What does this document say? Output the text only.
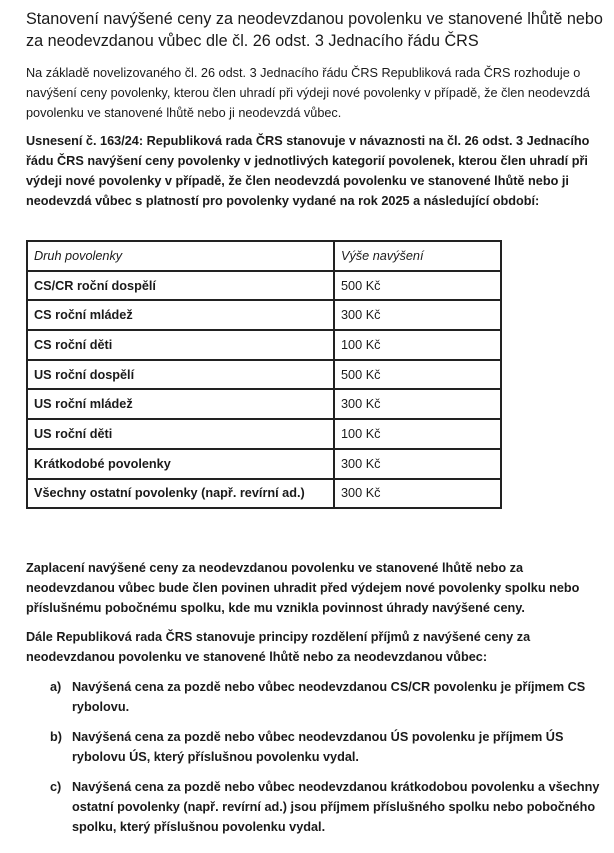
Stanovení navýšené ceny za neodevzdanou povolenku ve stanovené lhůtě nebo za neodevzdanou vůbec dle čl. 26 odst. 3 Jednacího řádu ČRS

Na základě novelizovaného čl. 26 odst. 3 Jednacího řádu ČRS Republiková rada ČRS rozhoduje o navýšení ceny povolenky, kterou člen uhradí při výdeji nové povolenky v případě, že člen neodevzdá povolenku ve stanovené lhůtě nebo ji neodevzdá vůbec.

Usnesení č. 163/24: Republiková rada ČRS stanovuje v návaznosti na čl. 26 odst. 3 Jednacího řádu ČRS navýšení ceny povolenky v jednotlivých kategorií povolenek, kterou člen uhradí při výdeji nové povolenky v případě, že člen neodevzdá povolenku ve stanovené lhůtě nebo ji neodevzdá vůbec s platností pro povolenky vydané na rok 2025 a následující období:

Druh povolenky	Výše navýšení
CS/CR roční dospělí	500 Kč
CS roční mládež	300 Kč
CS roční děti	100 Kč
US roční dospělí	500 Kč
US roční mládež	300 Kč
US roční děti	100 Kč
Krátkodobé povolenky	300 Kč
Všechny ostatní povolenky (např. revírní ad.)	300 Kč

Zaplacení navýšené ceny za neodevzdanou povolenku ve stanovené lhůtě nebo za neodevzdanou vůbec bude člen povinen uhradit před výdejem nové povolenky spolku nebo příslušnému pobočnému spolku, kde mu vznikla povinnost úhrady navýšené ceny.

Dále Republiková rada ČRS stanovuje principy rozdělení příjmů z navýšené ceny za neodevzdanou povolenku ve stanovené lhůtě nebo za neodevzdanou vůbec:

a) Navýšená cena za pozdě nebo vůbec neodevzdanou CS/CR povolenku je příjmem CS rybolovu.
b) Navýšená cena za pozdě nebo vůbec neodevzdanou ÚS povolenku je příjmem ÚS rybolovu ÚS, který příslušnou povolenku vydal.
c) Navýšená cena za pozdě nebo vůbec neodevzdanou krátkodobou povolenku a všechny ostatní povolenky (např. revírní ad.) jsou příjmem příslušného spolku nebo pobočného spolku, který příslušnou povolenku vydal.
